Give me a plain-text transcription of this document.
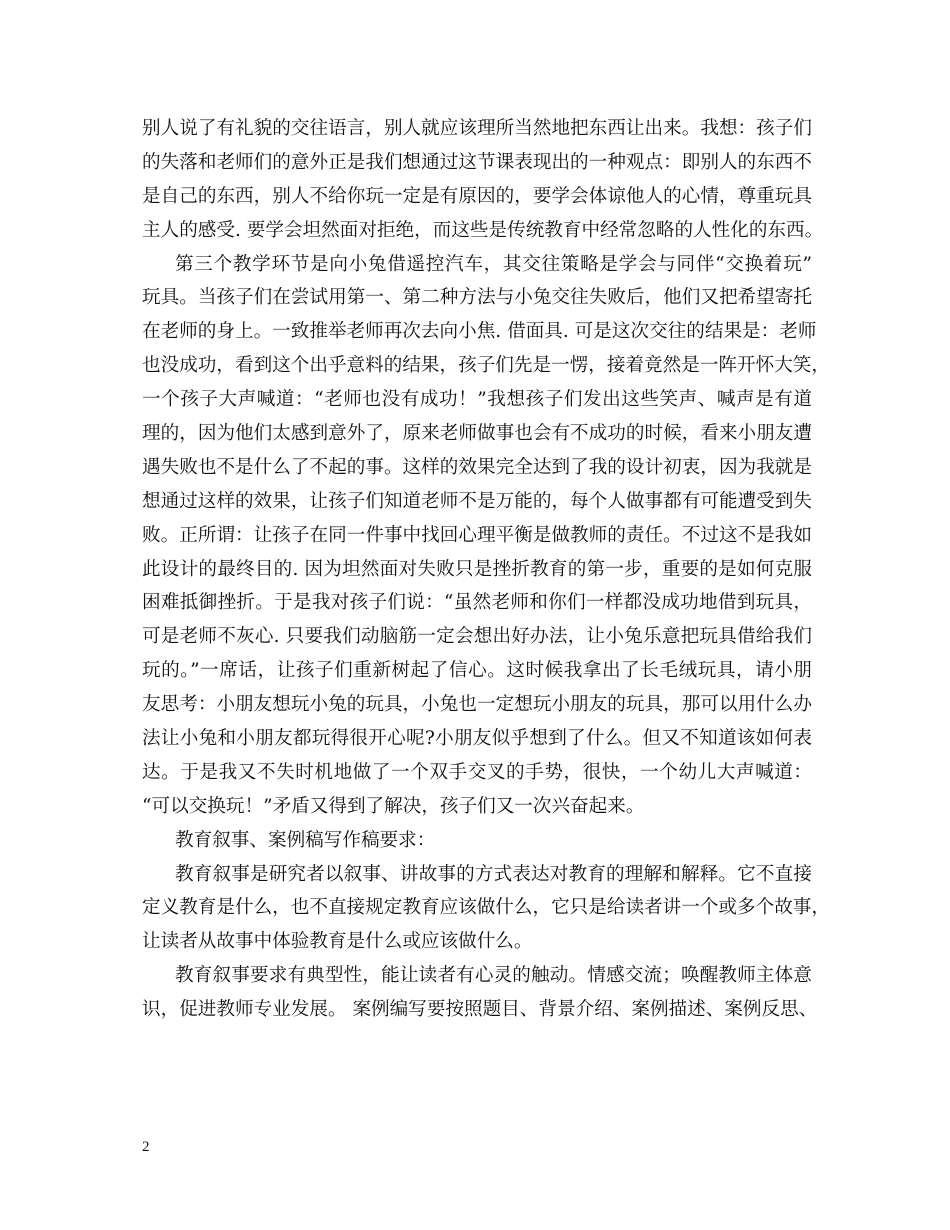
别人说了有礼貌的交往语言，别人就应该理所当然地把东西让出来。我想：孩子们
的失落和老师们的意外正是我们想通过这节课表现出的一种观点：即别人的东西不
是自己的东西，别人不给你玩一定是有原因的，要学会体谅他人的心情，尊重玩具
主人的感受. 要学会坦然面对拒绝，而这些是传统教育中经常忽略的人性化的东西。
第三个教学环节是向小兔借遥控汽车，其交往策略是学会与同伴“交换着玩”
玩具。当孩子们在尝试用第一、第二种方法与小兔交往失败后，他们又把希望寄托
在老师的身上。一致推举老师再次去向小焦. 借面具. 可是这次交往的结果是：老师
也没成功，看到这个出乎意料的结果，孩子们先是一愣，接着竟然是一阵开怀大笑，
一个孩子大声喊道：“老师也没有成功！”我想孩子们发出这些笑声、喊声是有道
理的，因为他们太感到意外了，原来老师做事也会有不成功的时候，看来小朋友遭
遇失败也不是什么了不起的事。这样的效果完全达到了我的设计初衷，因为我就是
想通过这样的效果，让孩子们知道老师不是万能的，每个人做事都有可能遭受到失
败。正所谓：让孩子在同一件事中找回心理平衡是做教师的责任。不过这不是我如
此设计的最终目的. 因为坦然面对失败只是挫折教育的第一步，重要的是如何克服
困难抵御挫折。于是我对孩子们说：“虽然老师和你们一样都没成功地借到玩具，
可是老师不灰心. 只要我们动脑筋一定会想出好办法，让小兔乐意把玩具借给我们
玩的。”一席话，让孩子们重新树起了信心。这时候我拿出了长毛绒玩具，请小朋
友思考：小朋友想玩小兔的玩具，小兔也一定想玩小朋友的玩具，那可以用什么办
法让小兔和小朋友都玩得很开心呢?小朋友似乎想到了什么。但又不知道该如何表
达。于是我又不失时机地做了一个双手交叉的手势，很快，一个幼儿大声喊道：
“可以交换玩！”矛盾又得到了解决，孩子们又一次兴奋起来。
教育叙事、案例稿写作稿要求：
教育叙事是研究者以叙事、讲故事的方式表达对教育的理解和解释。它不直接
定义教育是什么，也不直接规定教育应该做什么，它只是给读者讲一个或多个故事，
让读者从故事中体验教育是什么或应该做什么。
教育叙事要求有典型性，能让读者有心灵的触动。情感交流；唤醒教师主体意
识，促进教师专业发展。 案例编写要按照题目、背景介绍、案例描述、案例反思、
2
